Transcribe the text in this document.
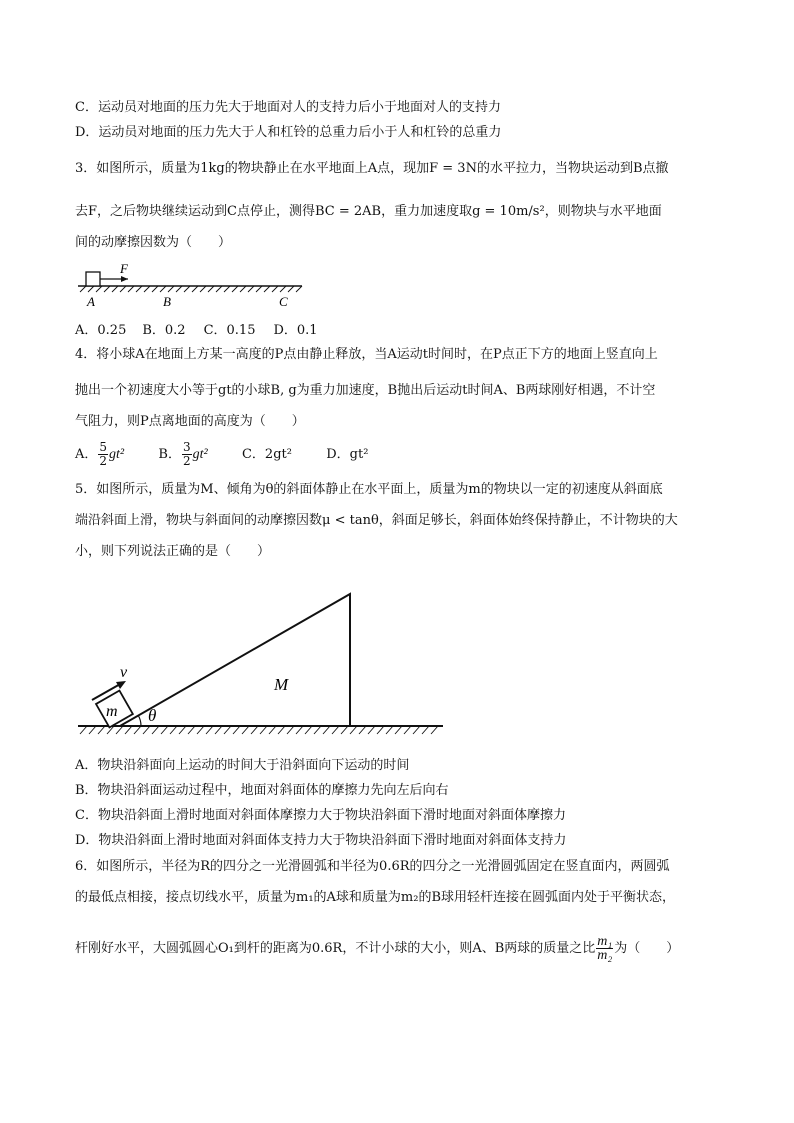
C．运动员对地面的压力先大于地面对人的支持力后小于地面对人的支持力
D．运动员对地面的压力先大于人和杠铃的总重力后小于人和杠铃的总重力
3．如图所示，质量为1kg的物块静止在水平地面上A点，现加F = 3N的水平拉力，当物块运动到B点撤
去F，之后物块继续运动到C点停止，测得BC = 2AB，重力加速度取g = 10m/s²，则物块与水平地面
间的动摩擦因数为（　　）
F
A	B	C
A．0.25 B．0.2 C．0.15 D．0.1
4．将小球A在地面上方某一高度的P点由静止释放，当A运动t时间时，在P点正下方的地面上竖直向上
抛出一个初速度大小等于gt的小球B, g为重力加速度，B抛出后运动t时间A、B两球刚好相遇，不计空
气阻力，则P点离地面的高度为（　　）
A． $\frac{5}{2} gt^2$	B． $\frac{3}{2} gt^2$	C．2gt²	D．gt²
5．如图所示，质量为M、倾角为θ的斜面体静止在水平面上，质量为m的物块以一定的初速度从斜面底
端沿斜面上滑，物块与斜面间的动摩擦因数μ < tanθ，斜面足够长，斜面体始终保持静止，不计物块的大
小，则下列说法正确的是（　　）
v
m θ
M
A．物块沿斜面向上运动的时间大于沿斜面向下运动的时间
B．物块沿斜面运动过程中，地面对斜面体的摩擦力先向左后向右
C．物块沿斜面上滑时地面对斜面体摩擦力大于物块沿斜面下滑时地面对斜面体摩擦力
D．物块沿斜面上滑时地面对斜面体支持力大于物块沿斜面下滑时地面对斜面体支持力
6．如图所示，半径为R的四分之一光滑圆弧和半径为0.6R的四分之一光滑圆弧固定在竖直面内，两圆弧
的最低点相接，接点切线水平，质量为m₁的A球和质量为m₂的B球用轻杆连接在圆弧面内处于平衡状态，
杆刚好水平，大圆弧圆心O₁到杆的距离为0.6R，不计小球的大小，则A、B两球的质量之比 $\frac{\text{m₁}}{\text{m₂}}$ 为（　　）
